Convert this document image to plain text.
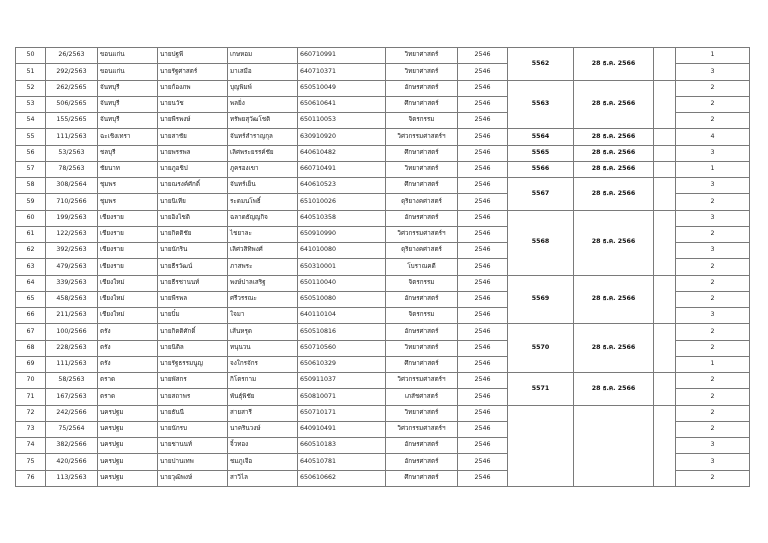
50	26/2563	ขอนแก่น	นายปฐพี	เกษหอม	660710991	วิทยาศาสตร์	2546	5562	28 ธ.ค. 2566		1
51	292/2563	ขอนแก่น	นายรัฐศาสตร์	มาเสมือ	640710371	วิทยาศาสตร์	2546				3
52	262/2565	จันทบุรี	นายก้องภพ	บุญพิมพ์	650510049	อักษรศาสตร์	2546	5563	28 ธ.ค. 2566		2
53	506/2565	จันทบุรี	นายนวัช	พลยิ่ง	650610641	ศึกษาศาสตร์	2546				2
54	155/2565	จันทบุรี	นายพีรพงษ์	ทรัพยสุวัฒโชติ	650110053	จิตรกรรม	2546				2
55	111/2563	ฉะเชิงเทรา	นายสาชัย	จันทร์สำราญกุล	630910920	วิศวกรรมศาสตร์ฯ	2546	5564	28 ธ.ค. 2566		4
56	53/2563	ชลบุรี	นายพรรพล	เลิศพระยรรค์ชัย	640610482	ศึกษาศาสตร์	2546	5565	28 ธ.ค. 2566		3
57	78/2563	ชัยนาท	นายภูอชิป	ภูครองเขา	660710491	วิทยาศาสตร์	2546	5566	28 ธ.ค. 2566		1
58	308/2564	ชุมพร	นายณรงค์ศักดิ์	จันทร์เย็น	640610523	ศึกษาศาสตร์	2546	5567	28 ธ.ค. 2566		3
59	710/2566	ชุมพร	นายนิเทีย	ระดมนโพธิ์	651010026	ดุริยางคศาสตร์	2546				2
60	199/2563	เชียงราย	นายอิงไชดิ	ฉลาดธัญญกิจ	640510358	อักษรศาสตร์	2546	5568	28 ธ.ค. 2566		3
61	122/2563	เชียงราย	นายกิตติชัย	ไชยาละ	650910990	วิศวกรรมศาสตร์ฯ	2546				2
62	392/2563	เชียงราย	นายนักริน	เลิศวสิทิพงศ์	641010080	ดุริยางคศาสตร์	2546				3
63	479/2563	เชียงราย	นายธีรวัฒน์	ภาสพระ	650310001	โบราณคดี	2546				2
64	339/2563	เชียงใหม่	นายธีรชานนท์	พงษ์ปาลเสริฐ	650110040	จิตรกรรม	2546	5569	28 ธ.ค. 2566		2
65	458/2563	เชียงใหม่	นายพีรพล	ศรีวรรณะ	650510080	อักษรศาสตร์	2546				2
66	211/2563	เชียงใหม่	นายบิ๋ม	ใจมา	640110104	จิตรกรรม	2546				3
67	100/2566	ตรัง	นายกิตติศักดิ์	เส้นหรุด	650510816	อักษรศาสตร์	2546	5570	28 ธ.ค. 2566		2
68	228/2563	ตรัง	นายนิติล	ทนุนวน	650710560	วิทยาศาสตร์	2546				2
69	111/2563	ตรัง	นายรัฐธรรมนูญ	จงใกรจักร	650610329	ศึกษาศาสตร์	2546				1
70	58/2563	ตราด	นายพัสกร	กิโตรกาม	650911037	วิศวกรรมศาสตร์ฯ	2546	5571	28 ธ.ค. 2566		2
71	167/2563	ตราด	นายสถาพร	พันธุ์พิชัย	650810071	เภสัชศาสตร์	2546				2
72	242/2566	นครปฐม	นายธันนี	สายสารี	650710171	วิทยาศาสตร์	2546				2
73	75/2564	นครปฐม	นายนักรบ	นาครินวงษ์	640910491	วิศวกรรมศาสตร์ฯ	2546				2
74	382/2566	นครปฐม	นายชานนท์	จิ้วทอง	660510183	อักษรศาสตร์	2546				3
75	420/2566	นครปฐม	นายปานเทพ	ชมภูเจือ	640510781	อักษรศาสตร์	2546				3
76	113/2563	นครปฐม	นายวุฒิพงษ์	สาวิไล	650610662	ศึกษาศาสตร์	2546				2
